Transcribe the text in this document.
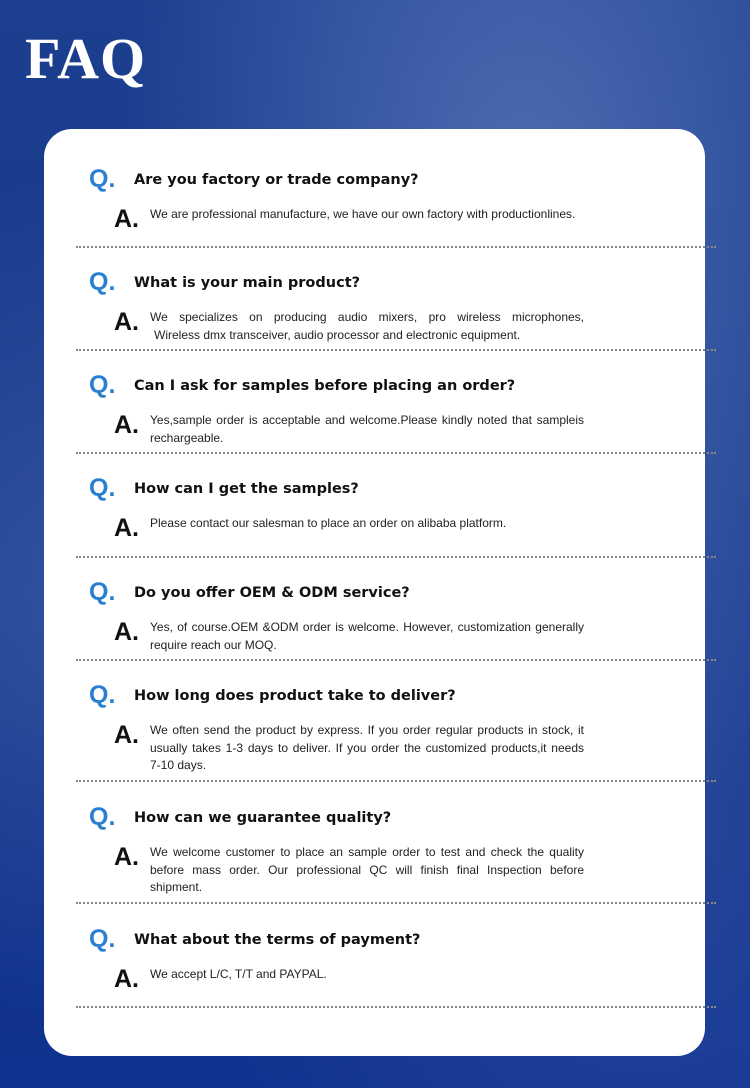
FAQ
Q. Are you factory or trade company?
A. We are professional manufacture, we have our own factory with productionlines.
Q. What is your main product?
A. We specializes on producing audio mixers, pro wireless microphones,
Wireless dmx transceiver, audio processor and electronic equipment.
Q. Can I ask for samples before placing an order?
A. Yes,sample order is acceptable and welcome.Please kindly noted that sampleis
rechargeable.
Q. How can I get the samples?
A. Please contact our salesman to place an order on alibaba platform.
Q. Do you offer OEM & ODM service?
A. Yes, of course.OEM &ODM order is welcome. However, customization generally
require reach our MOQ.
Q. How long does product take to deliver?
A. We often send the product by express. If you order regular products in stock, it
usually takes 1-3 days to deliver. If you order the customized products,it needs
7-10 days.
Q. How can we guarantee quality?
A. We welcome customer to place an sample order to test and check the quality
before mass order. Our professional QC will finish final Inspection before
shipment.
Q. What about the terms of payment?
A. We accept L/C, T/T and PAYPAL.
